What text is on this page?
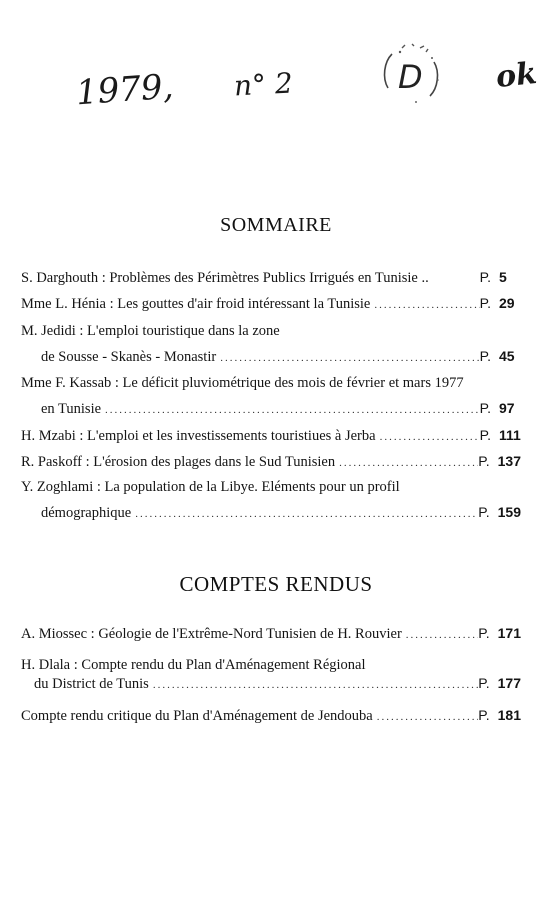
1979, n° 2	D ok
SOMMAIRE
S. Darghouth : Problèmes des Périmètres Publics Irrigués en Tunisie ..	P. 5
Mme L. Hénia : Les gouttes d'air froid intéressant la Tunisie .....	P. 29
M. Jedidi : L'emploi touristique dans la zone
de Sousse - Skanès - Monastir .....	P. 45
Mme F. Kassab : Le déficit pluviométrique des mois de février et mars 1977
en Tunisie .....	P. 97
H. Mzabi : L'emploi et les investissements touristiues à Jerba .....	P. 111
R. Paskoff : L'érosion des plages dans le Sud Tunisien .....	P. 137
Y. Zoghlami : La population de la Libye. Eléments pour un profil
démographique .....	P. 159
COMPTES RENDUS
A. Miossec : Géologie de l'Extrême-Nord Tunisien de H. Rouvier .....	P. 171
H. Dlala : Compte rendu du Plan d'Aménagement Régional
du District de Tunis .....	P. 177
Compte rendu critique du Plan d'Aménagement de Jendouba .....	P. 181
